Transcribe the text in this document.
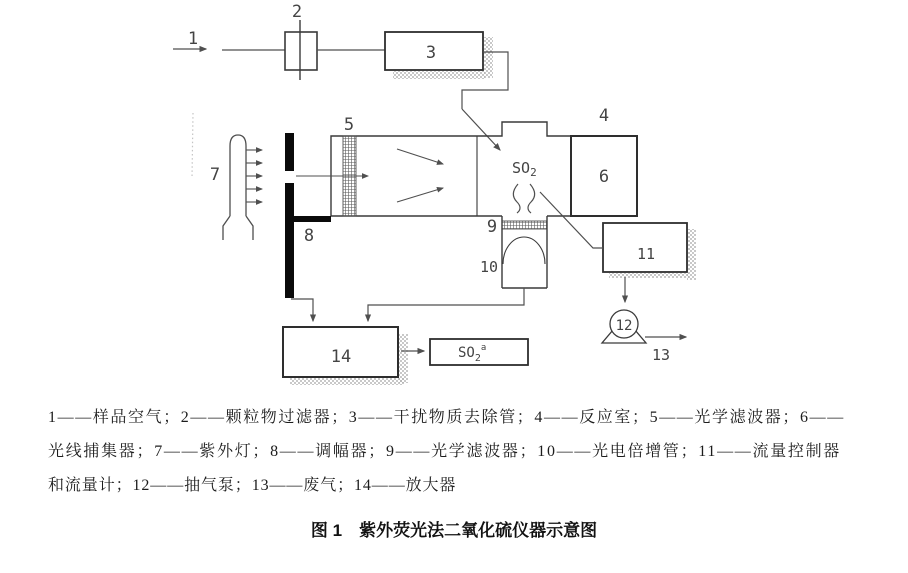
1
2
3
4
5
6
$SO_2$
9
10
11
12
13
7
8
14	$SO_2^a$
1——样品空气；2——颗粒物过滤器；3——干扰物质去除管；4——反应室；5——光学滤波器；6——
光线捕集器；7——紫外灯；8——调幅器；9——光学滤波器；10——光电倍增管；11——流量控制器
和流量计；12——抽气泵；13——废气；14——放大器
图 1　紫外荧光法二氧化硫仪器示意图
